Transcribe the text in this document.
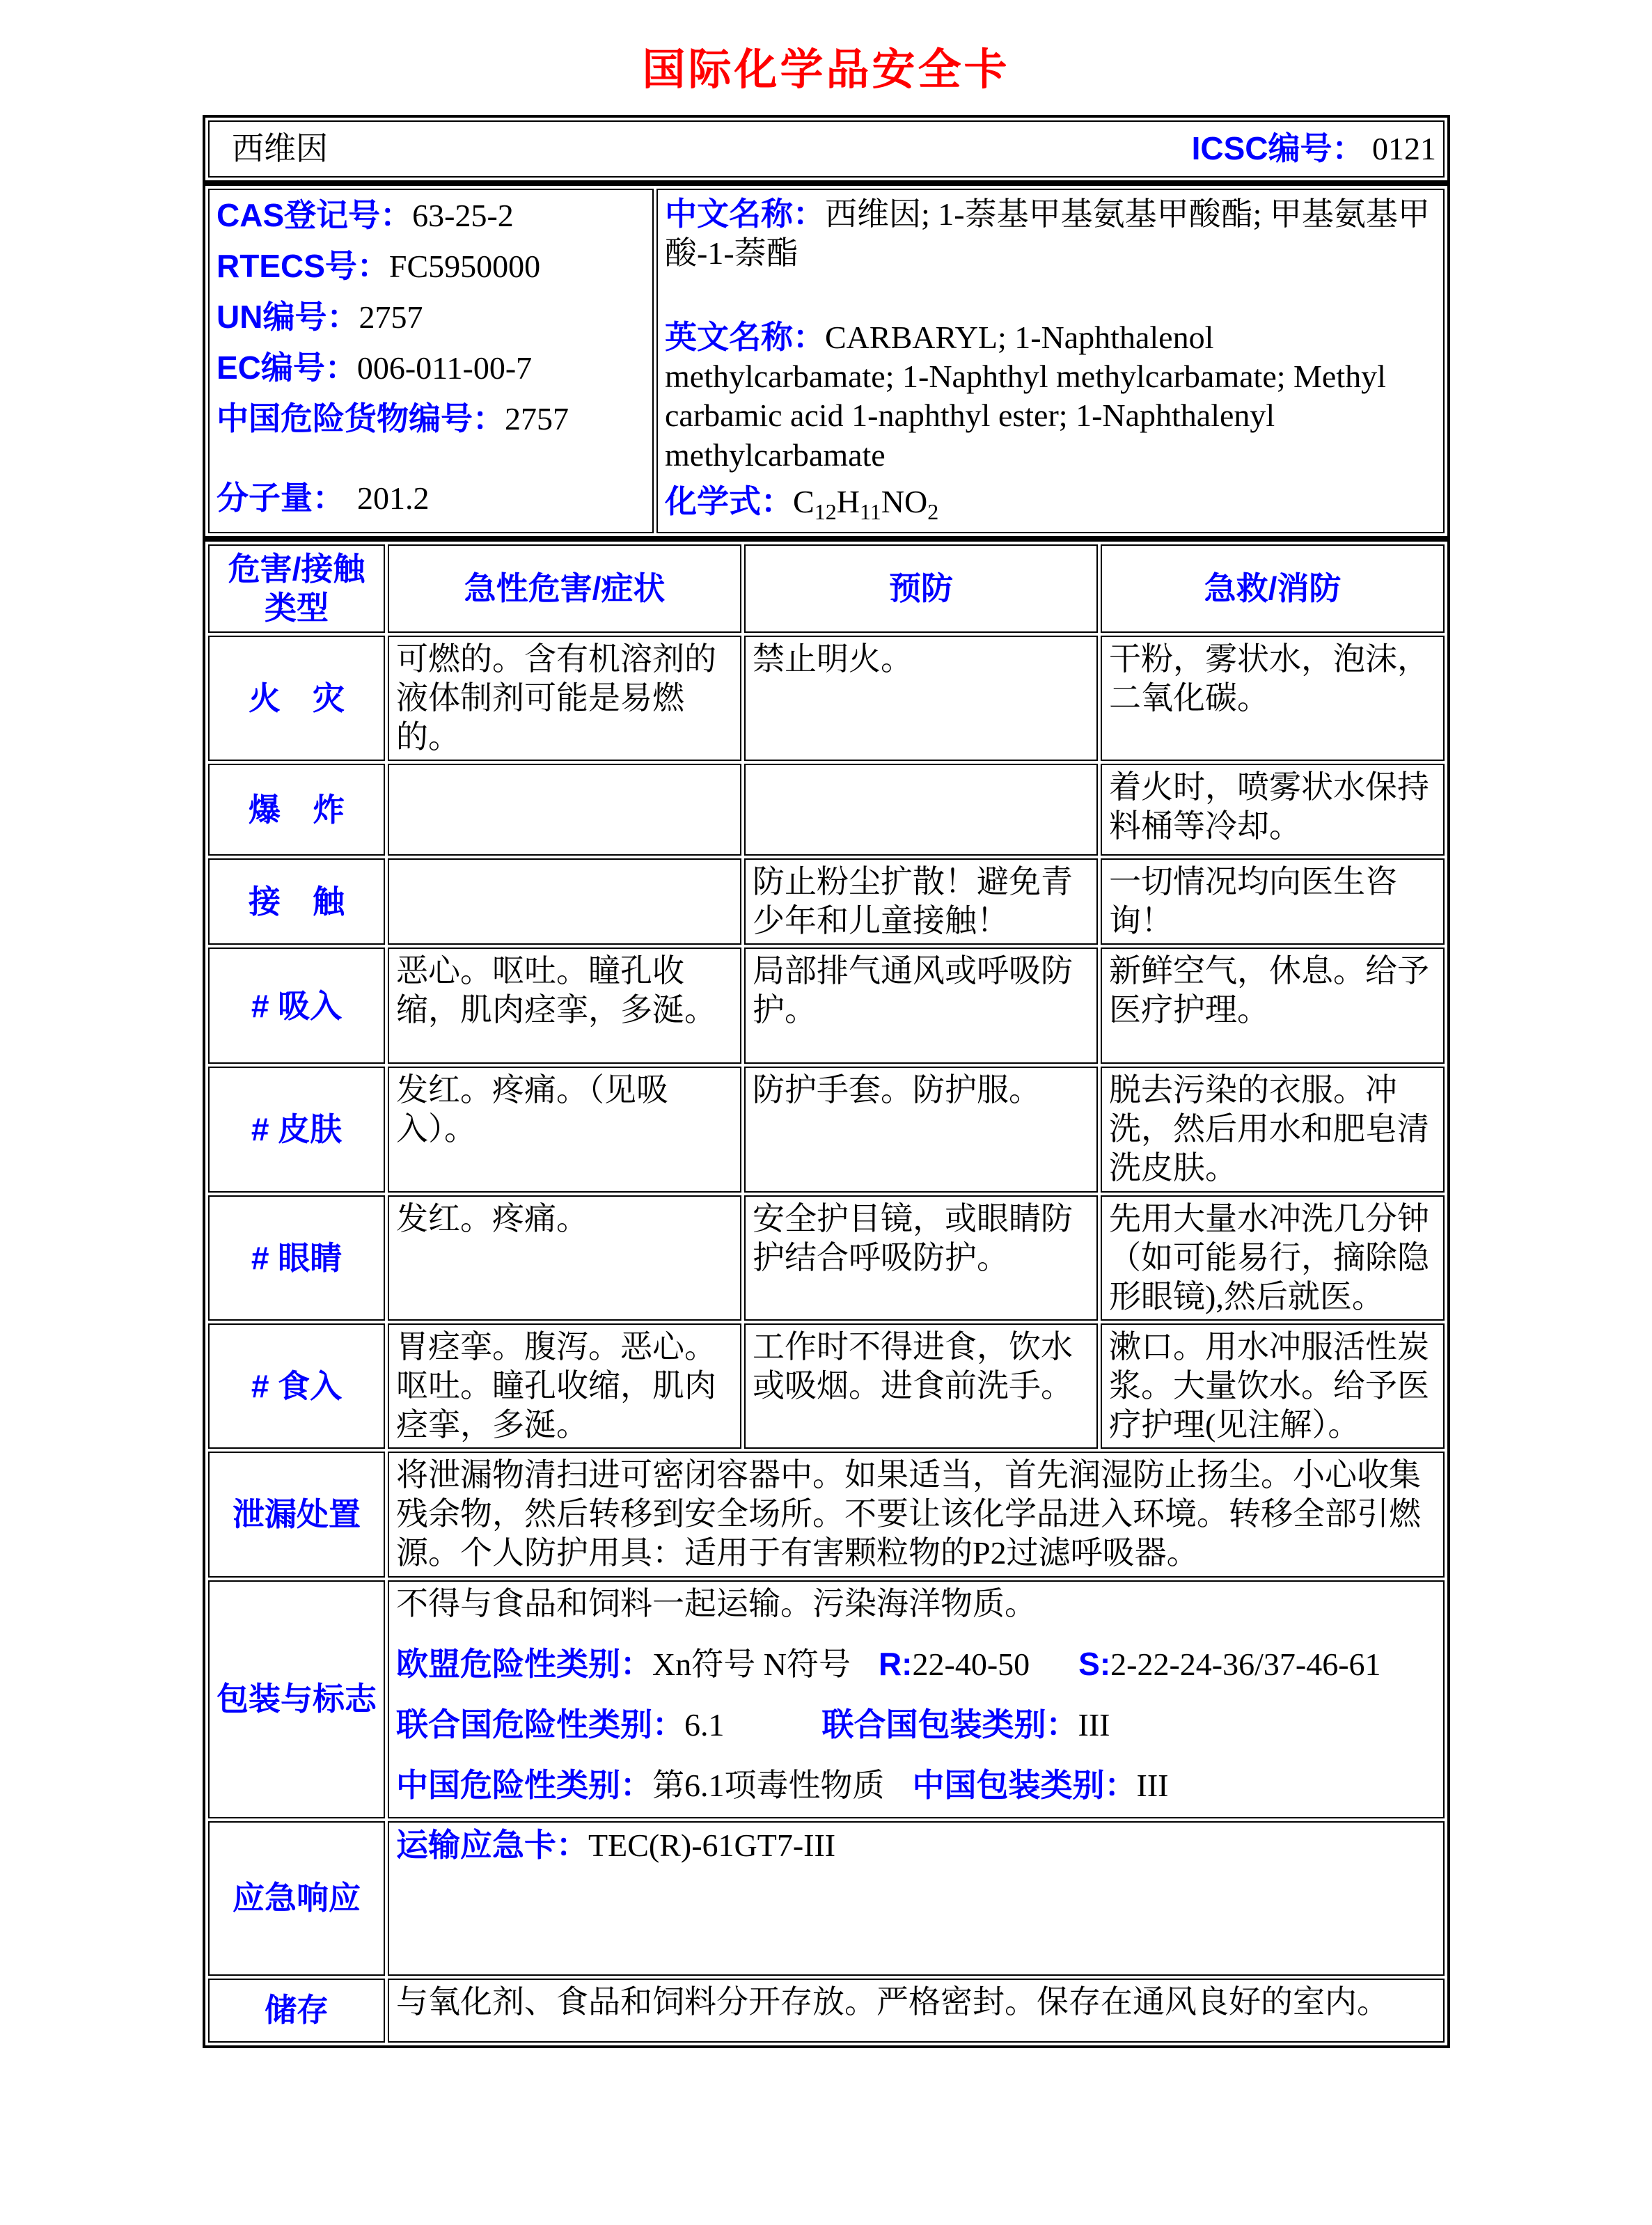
国际化学品安全卡
西维因	ICSC编号： 0121
CAS登记号：63-25-2
RTECS号：FC5950000
UN编号：2757
EC编号：006-011-00-7
中国危险货物编号：2757
分子量： 201.2

中文名称：西维因; 1-萘基甲基氨基甲酸酯; 甲基氨基甲酸-1-萘酯
英文名称：CARBARYL; 1-Naphthalenol methylcarbamate; 1-Naphthyl methylcarbamate; Methyl carbamic acid 1-naphthyl ester; 1-Naphthalenyl methylcarbamate
化学式：$C_{12}H_{11}NO_2$
危害/接触
类型	急性危害/症状	预防	急救/消防
火　灾	可燃的。含有机溶剂的液体制剂可能是易燃的。	禁止明火。	干粉，雾状水，泡沫，二氧化碳。
爆　炸			着火时，喷雾状水保持料桶等冷却。
接　触		防止粉尘扩散！避免青少年和儿童接触！	一切情况均向医生咨询！
# 吸入	恶心。呕吐。瞳孔收缩，肌肉痉挛，多涎。	局部排气通风或呼吸防护。	新鲜空气，休息。给予医疗护理。
# 皮肤	发红。疼痛。（见吸入）。	防护手套。防护服。	脱去污染的衣服。冲洗，然后用水和肥皂清洗皮肤。
# 眼睛	发红。疼痛。	安全护目镜，或眼睛防护结合呼吸防护。	先用大量水冲洗几分钟（如可能易行，摘除隐形眼镜),然后就医。
# 食入	胃痉挛。腹泻。恶心。呕吐。瞳孔收缩，肌肉痉挛，多涎。	工作时不得进食，饮水或吸烟。进食前洗手。	漱口。用水冲服活性炭浆。大量饮水。给予医疗护理(见注解）。
泄漏处置	将泄漏物清扫进可密闭容器中。如果适当，首先润湿防止扬尘。小心收集残余物，然后转移到安全场所。不要让该化学品进入环境。转移全部引燃源。个人防护用具：适用于有害颗粒物的P2过滤呼吸器。		
包装与标志	不得与食品和饲料一起运输。污染海洋物质。
欧盟危险性类别：Xn符号 N符号 R:22-40-50 S:2-22-24-36/37-46-61
联合国危险性类别：6.1 联合国包装类别：III
中国危险性类别：第6.1项毒性物质 中国包装类别：III		

应急响应	运输应急卡：TEC(R)-61GT7-III		
储存	与氧化剂、食品和饲料分开存放。严格密封。保存在通风良好的室内。		
